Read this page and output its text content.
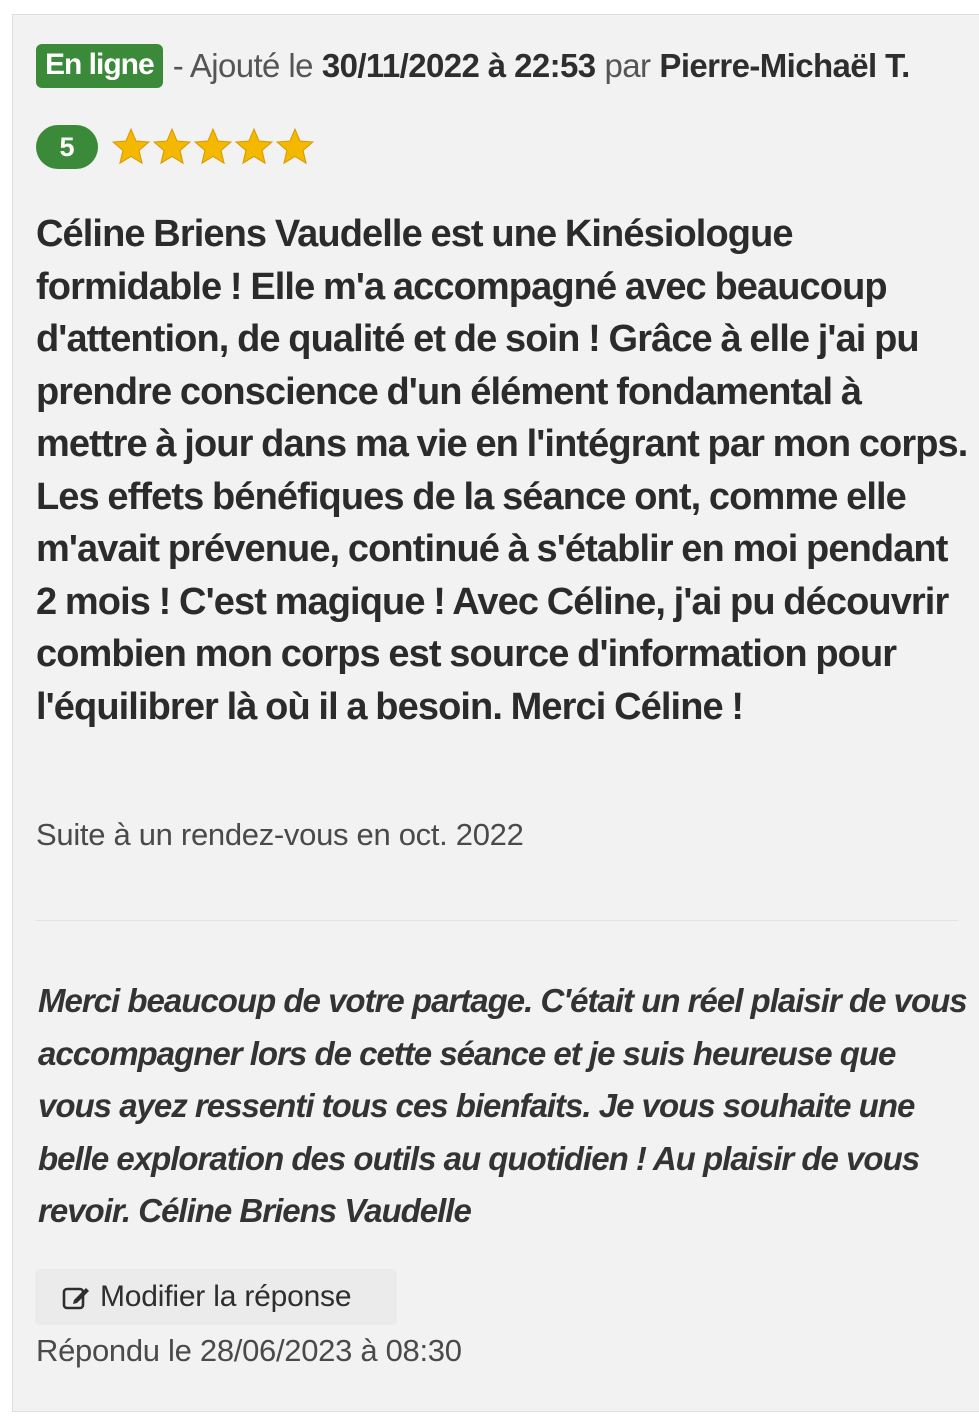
En ligne - Ajouté le 30/11/2022 à 22:53 par Pierre-Michaël T.
5

Céline Briens Vaudelle est une Kinésiologue formidable ! Elle m'a accompagné avec beaucoup d'attention, de qualité et de soin ! Grâce à elle j'ai pu prendre conscience d'un élément fondamental à mettre à jour dans ma vie en l'intégrant par mon corps. Les effets bénéfiques de la séance ont, comme elle m'avait prévenue, continué à s'établir en moi pendant 2 mois ! C'est magique ! Avec Céline, j'ai pu découvrir combien mon corps est source d'information pour l'équilibrer là où il a besoin. Merci Céline !

Suite à un rendez-vous en oct. 2022

Merci beaucoup de votre partage. C'était un réel plaisir de vous accompagner lors de cette séance et je suis heureuse que vous ayez ressenti tous ces bienfaits. Je vous souhaite une belle exploration des outils au quotidien ! Au plaisir de vous revoir. Céline Briens Vaudelle

Modifier la réponse
Répondu le 28/06/2023 à 08:30
